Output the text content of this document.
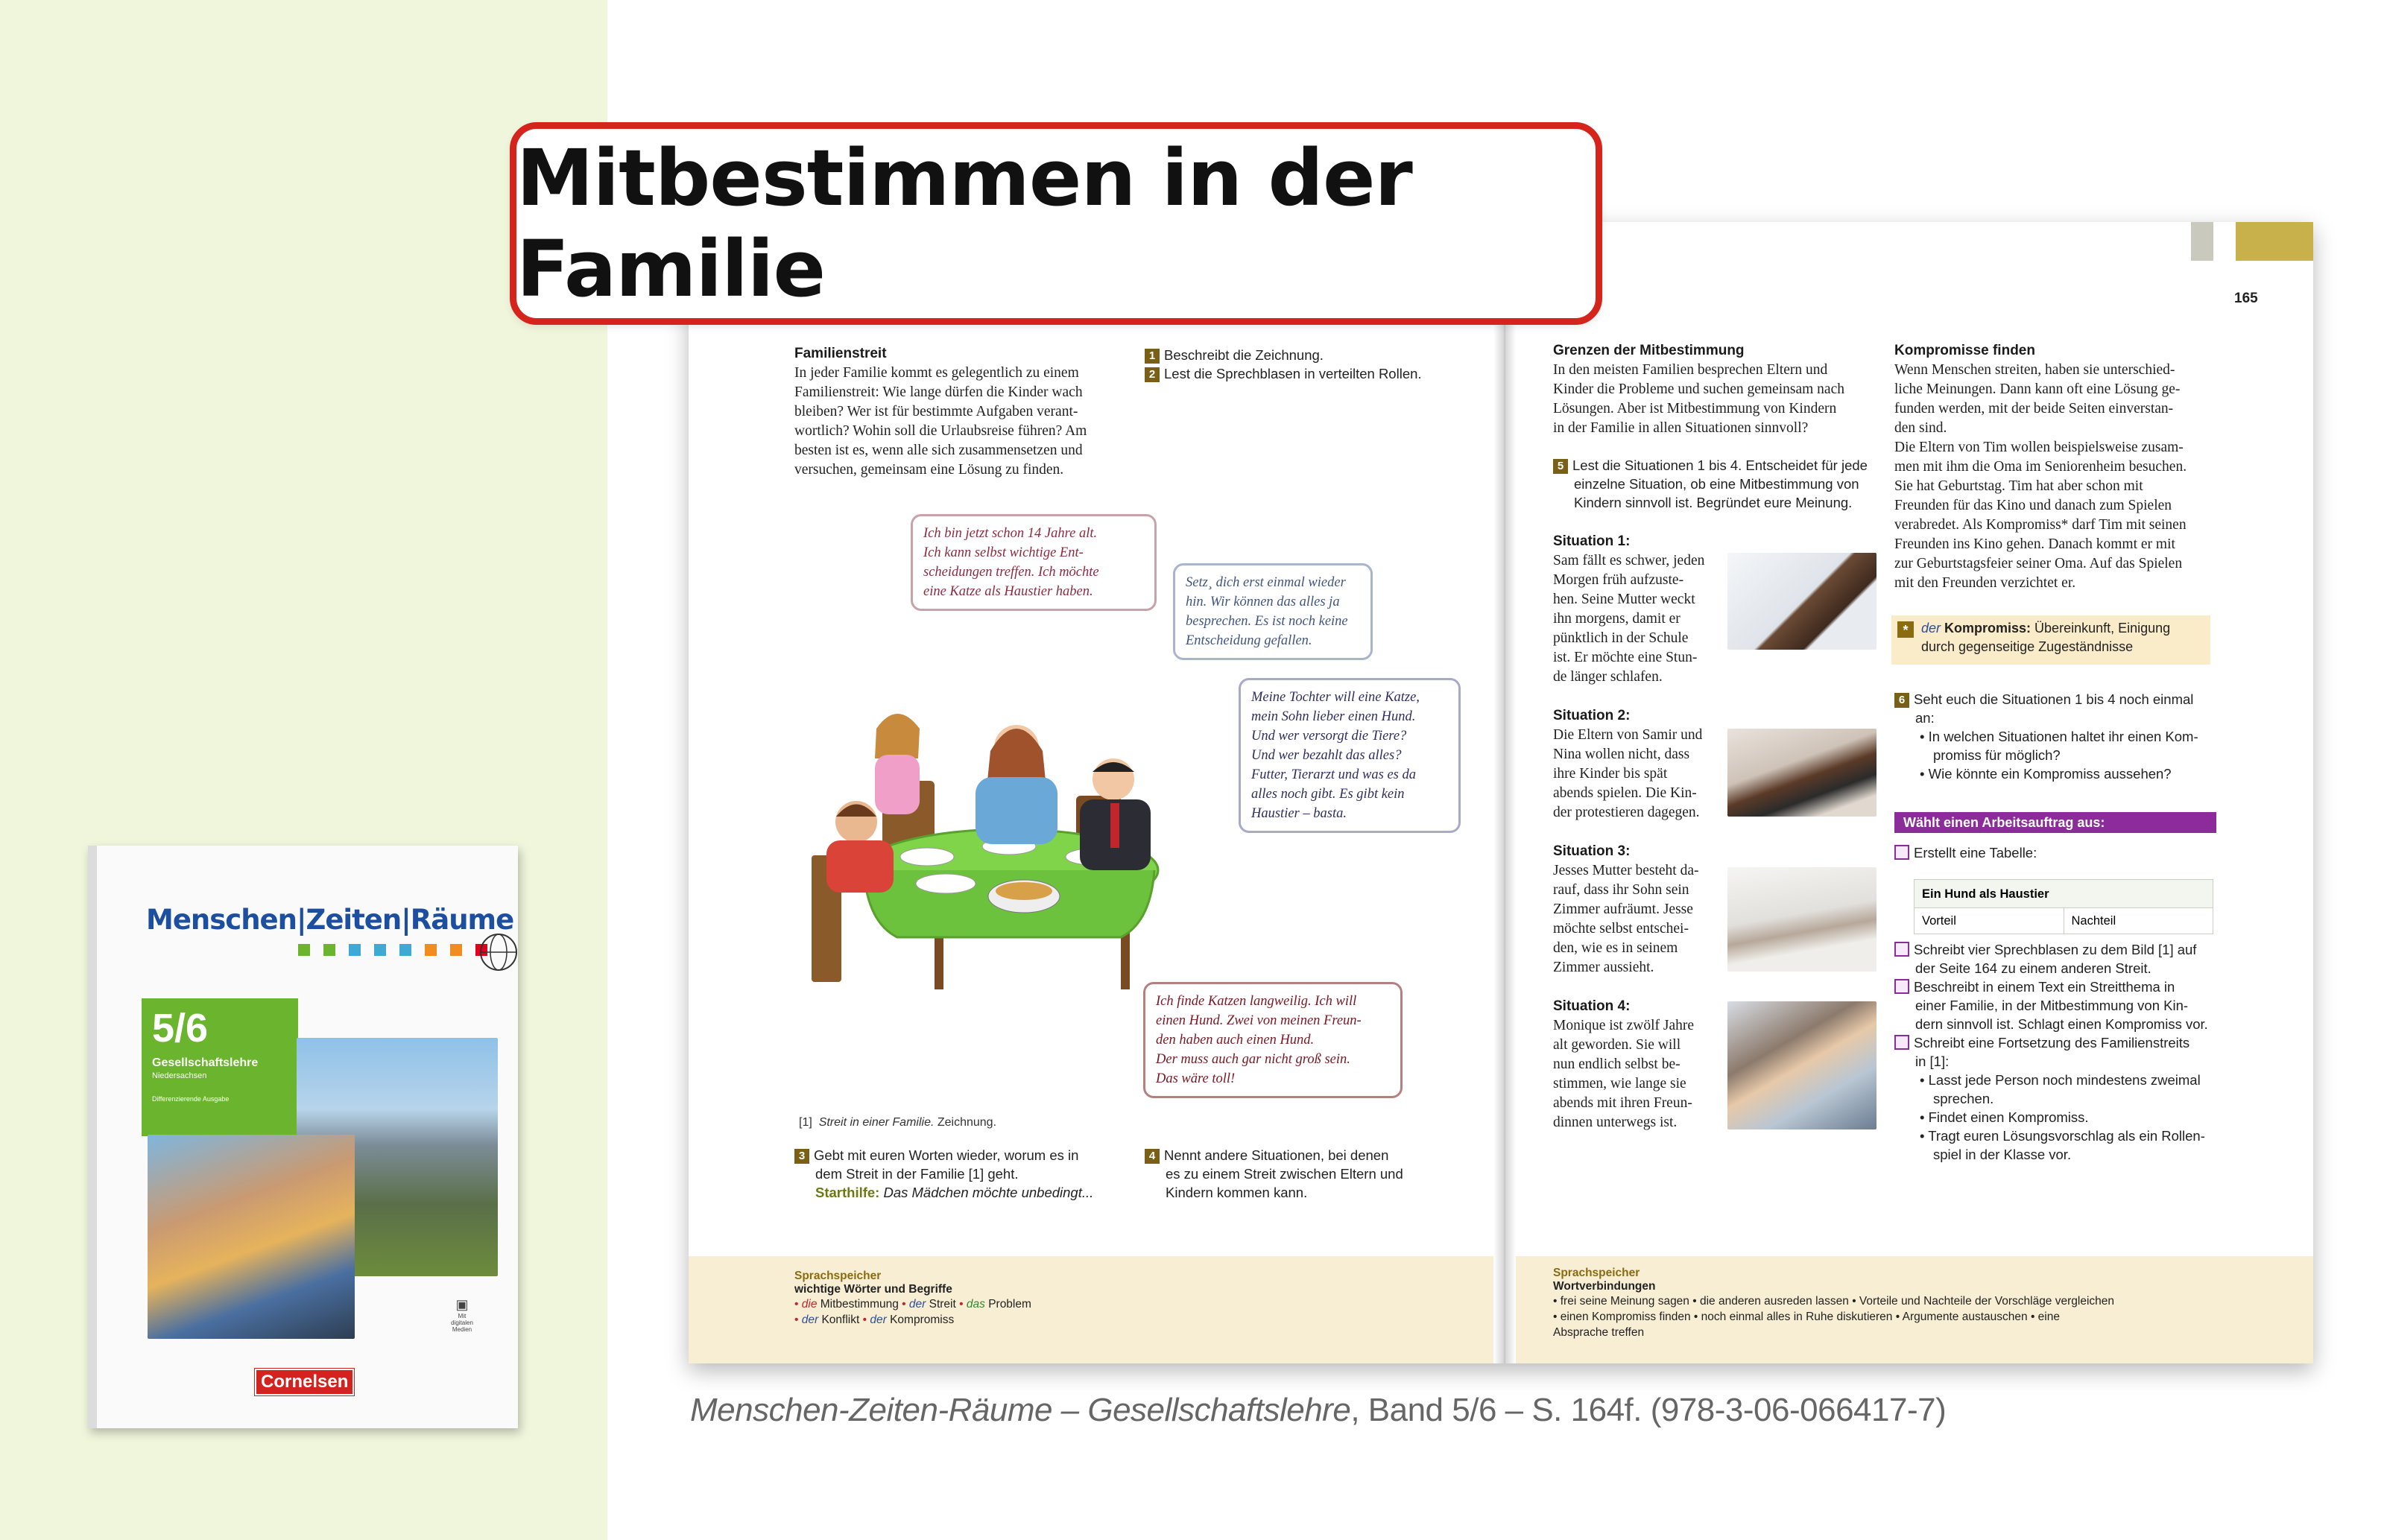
Mitbestimmen in der Familie	165
Familienstreit
In jeder Familie kommt es gelegentlich zu einem
Familienstreit: Wie lange dürfen die Kinder wach
bleiben? Wer ist für bestimmte Aufgaben verant-
wortlich? Wohin soll die Urlaubsreise führen? Am
besten ist es, wenn alle sich zusammensetzen und
versuchen, gemeinsam eine Lösung zu finden.
1 Beschreibt die Zeichnung.
2 Lest die Sprechblasen in verteilten Rollen.
Ich bin jetzt schon 14 Jahre alt.
Ich kann selbst wichtige Ent-
scheidungen treffen. Ich möchte
eine Katze als Haustier haben.
Setz¸ dich erst einmal wieder
hin. Wir können das alles ja
besprechen. Es ist noch keine
Entscheidung gefallen.
Meine Tochter will eine Katze,
mein Sohn lieber einen Hund.
Und wer versorgt die Tiere?
Und wer bezahlt das alles?
Futter, Tierarzt und was es da
alles noch gibt. Es gibt kein
Haustier – basta.
Ich finde Katzen langweilig. Ich will
einen Hund. Zwei von meinen Freun-
den haben auch einen Hund.
Der muss auch gar nicht groß sein.
Das wäre toll!
[1] Streit in einer Familie. Zeichnung.
3 Gebt mit euren Worten wieder, worum es in
dem Streit in der Familie [1] geht.
Starthilfe: Das Mädchen möchte unbedingt...
4 Nennt andere Situationen, bei denen
es zu einem Streit zwischen Eltern und
Kindern kommen kann.
Sprachspeicher
wichtige Wörter und Begriffe
• die Mitbestimmung • der Streit • das Problem
• der Konflikt • der Kompromiss
Grenzen der Mitbestimmung
In den meisten Familien besprechen Eltern und
Kinder die Probleme und suchen gemeinsam nach
Lösungen. Aber ist Mitbestimmung von Kindern
in der Familie in allen Situationen sinnvoll?
5 Lest die Situationen 1 bis 4. Entscheidet für jede
einzelne Situation, ob eine Mitbestimmung von
Kindern sinnvoll ist. Begründet eure Meinung.
Situation 1:
Sam fällt es schwer, jeden
Morgen früh aufzuste-
hen. Seine Mutter weckt
ihn morgens, damit er
pünktlich in der Schule
ist. Er möchte eine Stun-
de länger schlafen.
Situation 2:
Die Eltern von Samir und
Nina wollen nicht, dass
ihre Kinder bis spät
abends spielen. Die Kin-
der protestieren dagegen.
Situation 3:
Jesses Mutter besteht da-
rauf, dass ihr Sohn sein
Zimmer aufräumt. Jesse
möchte selbst entschei-
den, wie es in seinem
Zimmer aussieht.
Situation 4:
Monique ist zwölf Jahre
alt geworden. Sie will
nun endlich selbst be-
stimmen, wie lange sie
abends mit ihren Freun-
dinnen unterwegs ist.
Kompromisse finden
Wenn Menschen streiten, haben sie unterschied-
liche Meinungen. Dann kann oft eine Lösung ge-
funden werden, mit der beide Seiten einverstan-
den sind.
Die Eltern von Tim wollen beispielsweise zusam-
men mit ihm die Oma im Seniorenheim besuchen.
Sie hat Geburtstag. Tim hat aber schon mit
Freunden für das Kino und danach zum Spielen
verabredet. Als Kompromiss* darf Tim mit seinen
Freunden ins Kino gehen. Danach kommt er mit
zur Geburtstagsfeier seiner Oma. Auf das Spielen
mit den Freunden verzichtet er.
* der Kompromiss: Übereinkunft, Einigung
durch gegenseitige Zugeständnisse
6 Seht euch die Situationen 1 bis 4 noch einmal
an:
• In welchen Situationen haltet ihr einen Kom-
promiss für möglich?
• Wie könnte ein Kompromiss aussehen?
Wählt einen Arbeitsauftrag aus:
Erstellt eine Tabelle:
Ein Hund als Haustier
Vorteil	Nachteil
Schreibt vier Sprechblasen zu dem Bild [1] auf
der Seite 164 zu einem anderen Streit.
Beschreibt in einem Text ein Streitthema in
einer Familie, in der Mitbestimmung von Kin-
dern sinnvoll ist. Schlagt einen Kompromiss vor.
Schreibt eine Fortsetzung des Familienstreits
in [1]:
• Lasst jede Person noch mindestens zweimal
sprechen.
• Findet einen Kompromiss.
• Tragt euren Lösungsvorschlag als ein Rollen-
spiel in der Klasse vor.
Sprachspeicher
Wortverbindungen
• frei seine Meinung sagen • die anderen ausreden lassen • Vorteile und Nachteile der Vorschläge vergleichen
• einen Kompromiss finden • noch einmal alles in Ruhe diskutieren • Argumente austauschen • eine
Absprache treffen
Menschen|Zeiten|Räume
5/6
Gesellschaftslehre
Niedersachsen
Differenzierende Ausgabe
▣
Mit digitalen
Medien
Cornelsen
Menschen-Zeiten-Räume – Gesellschaftslehre, Band 5/6 – S. 164f. (978-3-06-066417-7)
